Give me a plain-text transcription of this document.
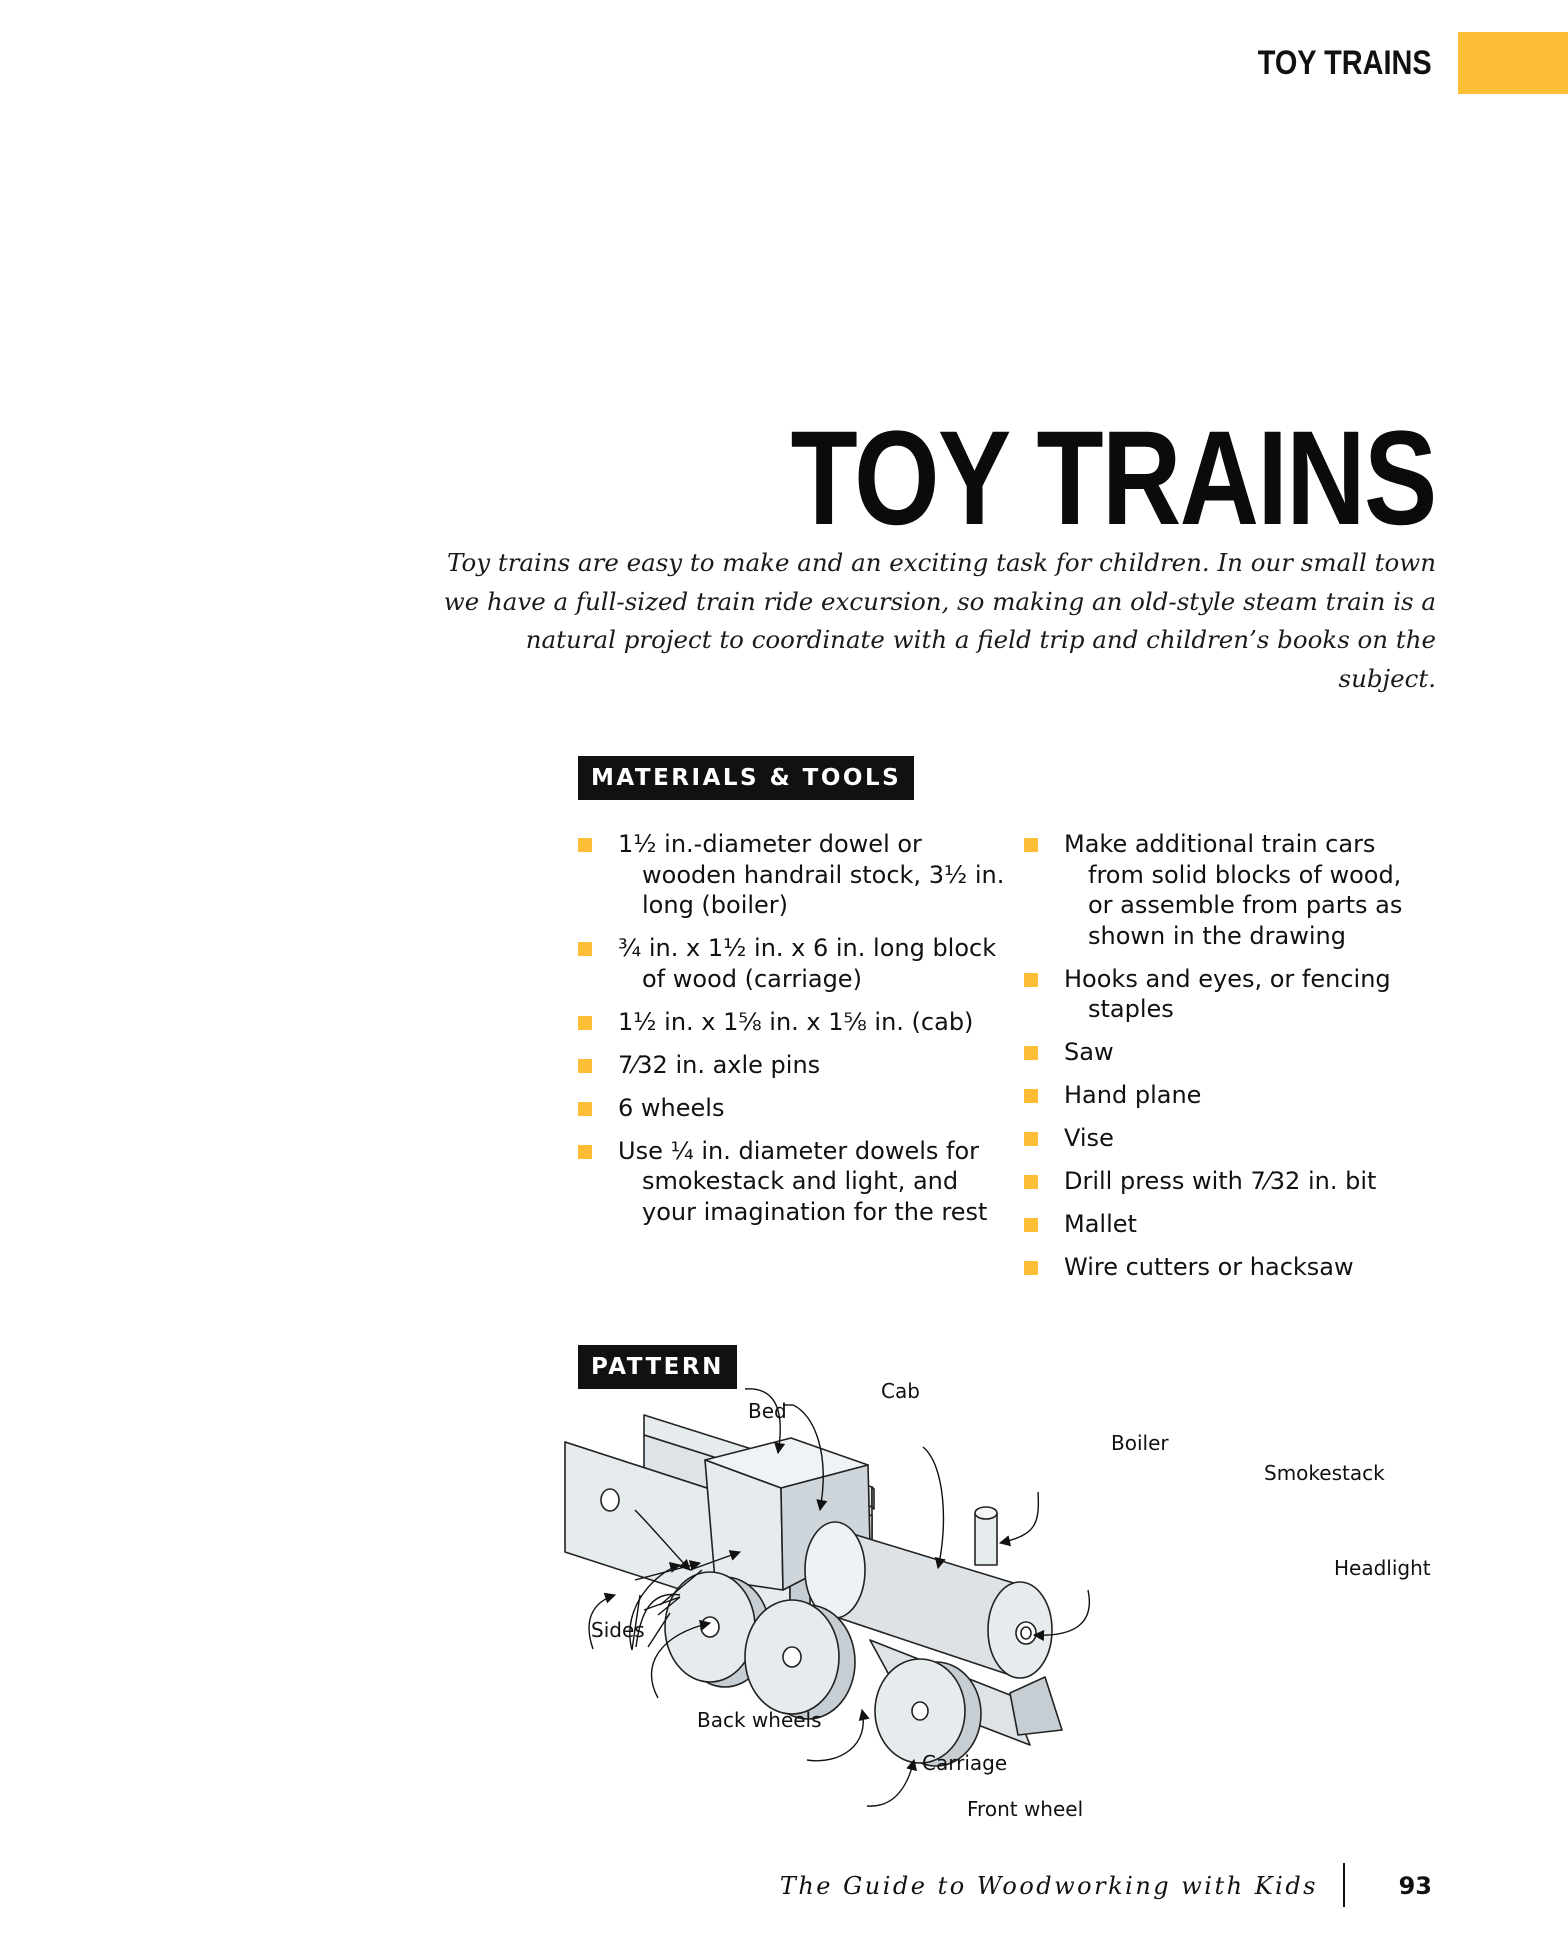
TOY TRAINS
TOY TRAINS

Toy trains are easy to make and an exciting task for children. In our small town we have a full-sized train ride excursion, so making an old-style steam train is a natural project to coordinate with a field trip and children’s books on the subject.

MATERIALS & TOOLS
1½ in.-diameter dowel or wooden handrail stock, 3½ in. long (boiler)
¾ in. x 1½ in. x 6 in. long block of wood (carriage)
1½ in. x 1⅝ in. x 1⅝ in. (cab)
7⁄32 in. axle pins
6 wheels
Use ¼ in. diameter dowels for smokestack and light, and your imagination for the rest
Make additional train cars from solid blocks of wood, or assemble from parts as shown in the drawing
Hooks and eyes, or fencing staples
Saw
Hand plane
Vise
Drill press with 7⁄32 in. bit
Mallet
Wire cutters or hacksaw
PATTERN
Bed
Cab
Boiler
Smokestack
Headlight
Sides
Back wheels
Carriage
Front wheel
The Guide to Woodworking with Kids	93
